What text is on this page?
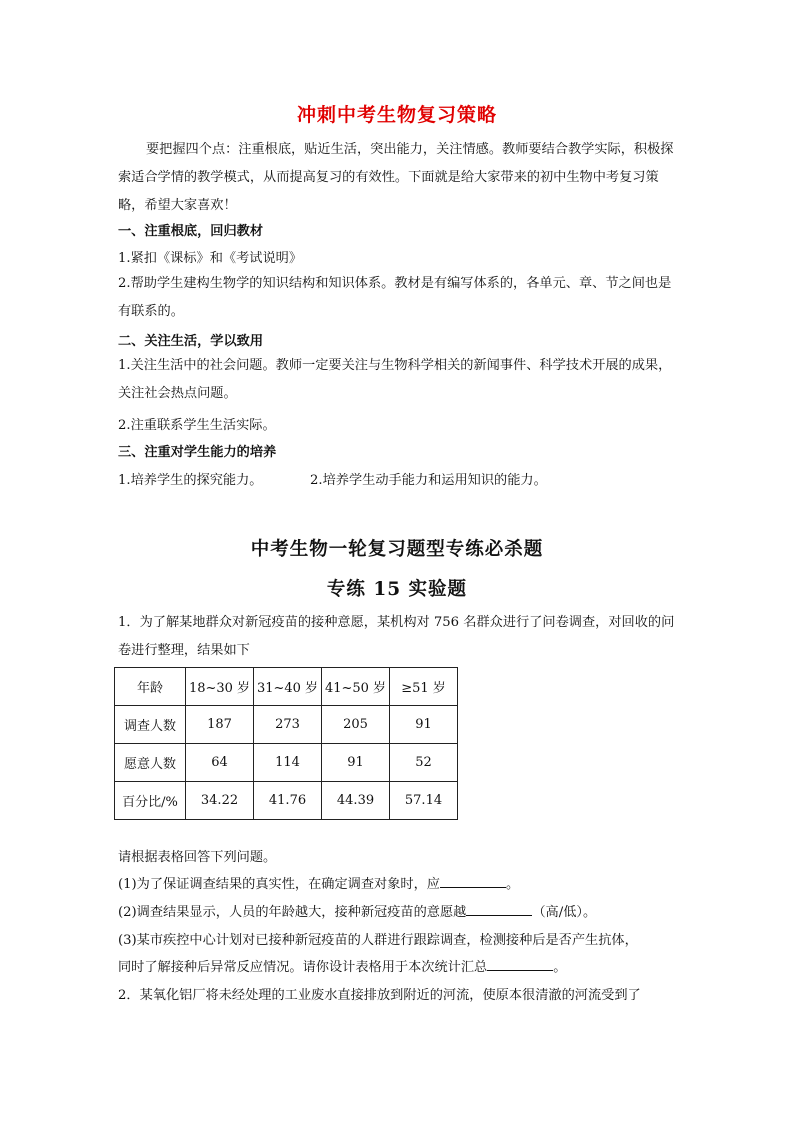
冲刺中考生物复习策略
要把握四个点：注重根底，贴近生活，突出能力，关注情感。教师要结合教学实际，积极探索适合学情的教学模式，从而提高复习的有效性。下面就是给大家带来的初中生物中考复习策略，希望大家喜欢！
一、注重根底，回归教材
1.紧扣《课标》和《考试说明》
2.帮助学生建构生物学的知识结构和知识体系。教材是有编写体系的，各单元、章、节之间也是有联系的。
二、关注生活，学以致用
1.关注生活中的社会问题。教师一定要关注与生物科学相关的新闻事件、科学技术开展的成果，关注社会热点问题。
2.注重联系学生生活实际。
三、注重对学生能力的培养
1.培养学生的探究能力。	2.培养学生动手能力和运用知识的能力。
中考生物一轮复习题型专练必杀题
专练 15 实验题
1．为了解某地群众对新冠疫苗的接种意愿，某机构对 756 名群众进行了问卷调查，对回收的问卷进行整理，结果如下
年龄	18~30 岁	31~40 岁	41~50 岁	≥51 岁
调查人数	187	273	205	91
愿意人数	64	114	91	52
百分比/%	34.22	41.76	44.39	57.14
请根据表格回答下列问题。
(1)为了保证调查结果的真实性，在确定调查对象时，应	。
(2)调查结果显示，人员的年龄越大，接种新冠疫苗的意愿越	（高/低）。
(3)某市疾控中心计划对已接种新冠疫苗的人群进行跟踪调查，检测接种后是否产生抗体，
同时了解接种后异常反应情况。请你设计表格用于本次统计汇总	。
2．某氧化铝厂将未经处理的工业废水直接排放到附近的河流，使原本很清澈的河流受到了
